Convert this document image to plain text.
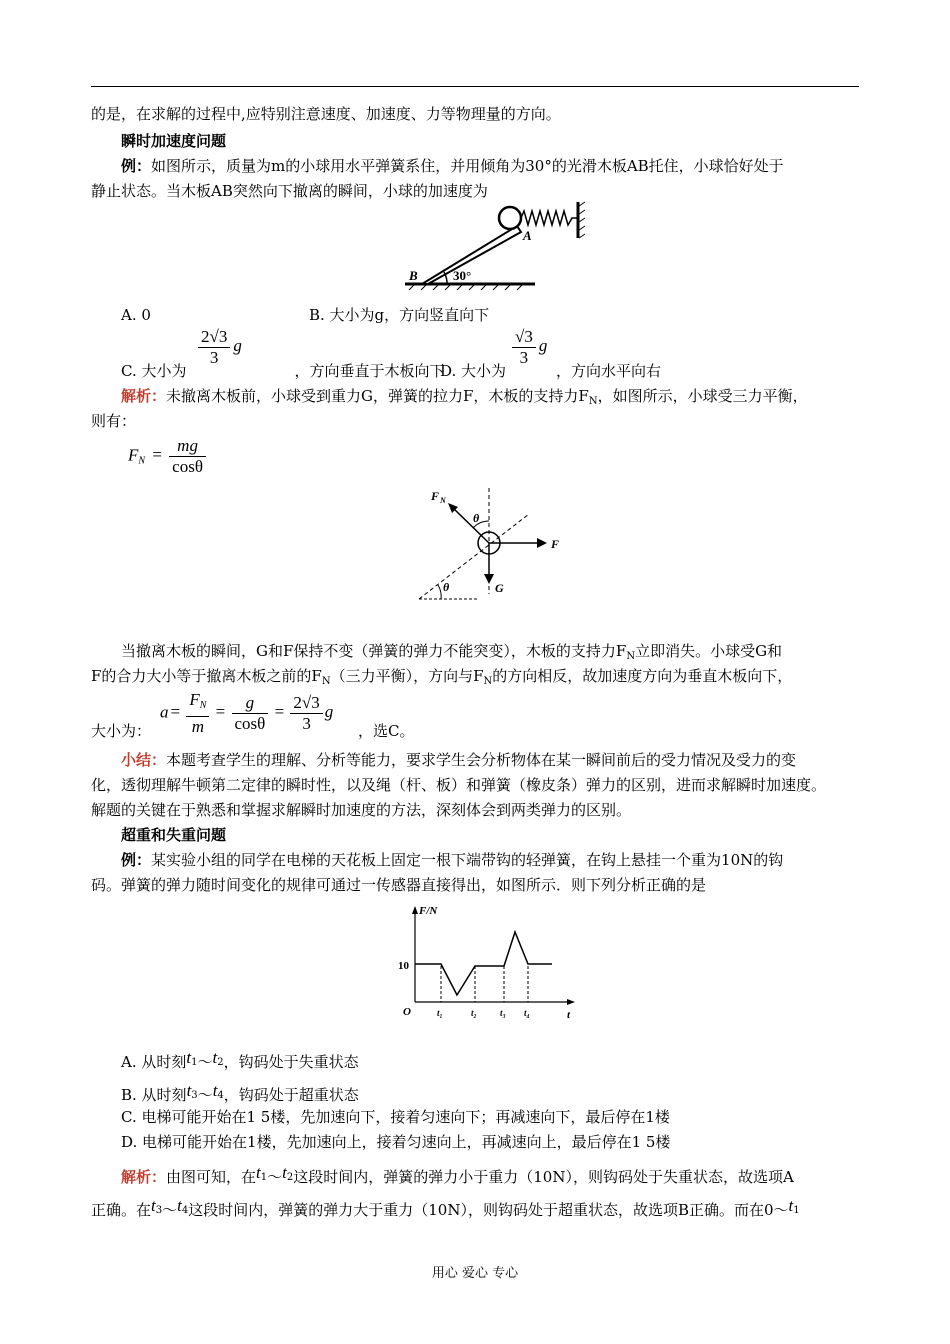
的是，在求解的过程中,应特别注意速度、加速度、力等物理量的方向。
瞬时加速度问题
例：如图所示，质量为m的小球用水平弹簧系住，并用倾角为30°的光滑木板AB托住，小球恰好处于
静止状态。当木板AB突然向下撤离的瞬间，小球的加速度为
A
B	30°
A. 0	B. 大小为g，方向竖直向下
C. 大小为	，方向垂直于木板向下
$\frac{2√3}{3}$ g
D. 大小为	，方向水平向右
$\frac{√3}{3}$ g
解析：未撤离木板前，小球受到重力G，弹簧的拉力F，木板的支持力$F_N$，如图所示，小球受三力平衡，
则有：
$F_N = \frac{mg}{\cos\theta}$
F N
θ
F
G
θ
当撤离木板的瞬间，G和F保持不变（弹簧的弹力不能突变），木板的支持力$F_N$立即消失。小球受G和
F的合力大小等于撤离木板之前的$F_N$（三力平衡），方向与$F_N$的方向相反，故加速度方向为垂直木板向下，
大小为：	，选C。
$a = \frac{F_N}{m} = \frac{g}{\cos\theta} = \frac{2√3}{3}$ g
小结：本题考查学生的理解、分析等能力，要求学生会分析物体在某一瞬间前后的受力情况及受力的变
化，透彻理解牛顿第二定律的瞬时性，以及绳（杆、板）和弹簧（橡皮条）弹力的区别，进而求解瞬时加速度。
解题的关键在于熟悉和掌握求解瞬时加速度的方法，深刻体会到两类弹力的区别。
超重和失重问题
例：某实验小组的同学在电梯的天花板上固定一根下端带钩的轻弹簧，在钩上悬挂一个重为10N的钩
码。弹簧的弹力随时间变化的规律可通过一传感器直接得出，如图所示．则下列分析正确的是
F/N
10
O	t
t₁	t₂	t₃ t₄
A. 从时刻$t^1\sim t^2$，钩码处于失重状态
B. 从时刻$t^3\sim t^4$，钩码处于超重状态
C. 电梯可能开始在1 5楼，先加速向下，接着匀速向下；再减速向下，最后停在1楼
D. 电梯可能开始在1楼，先加速向上，接着匀速向上，再减速向上，最后停在1 5楼
解析：由图可知，在$t^1\sim t^2$这段时间内，弹簧的弹力小于重力（10N），则钩码处于失重状态，故选项A
正确。在$t^3\sim t^4$这段时间内，弹簧的弹力大于重力（10N），则钩码处于超重状态，故选项B正确。而在$0\sim t^1$
用心 爱心 专心
